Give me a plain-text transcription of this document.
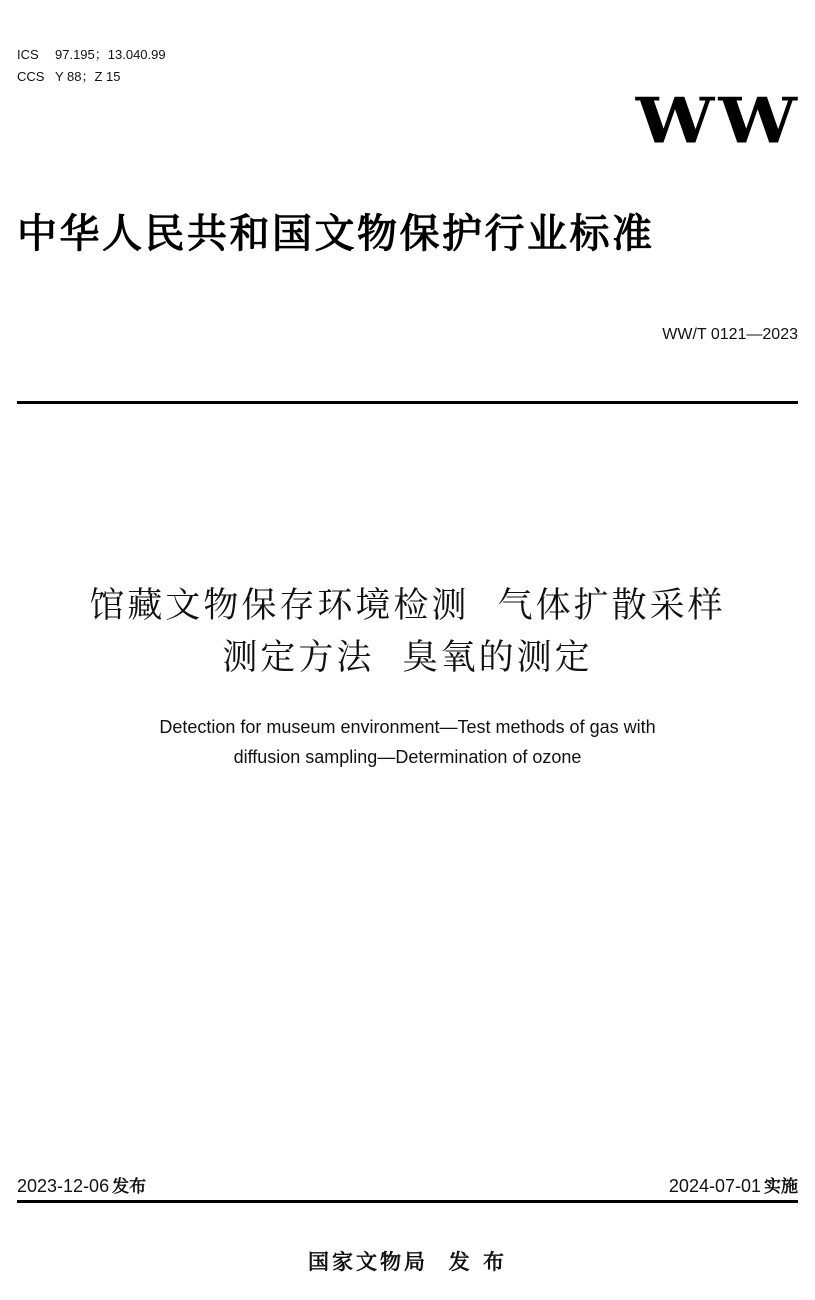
ICS 97.195；13.040.99
CCS Y 88；Z 15
WW
中华人民共和国文物保护行业标准
WW/T 0121—2023
馆藏文物保存环境检测  气体扩散采样
测定方法  臭氧的测定
Detection for museum environment—Test methods of gas with
diffusion sampling—Determination of ozone
2023-12-06 发布	2024-07-01 实施
国家文物局  发 布
